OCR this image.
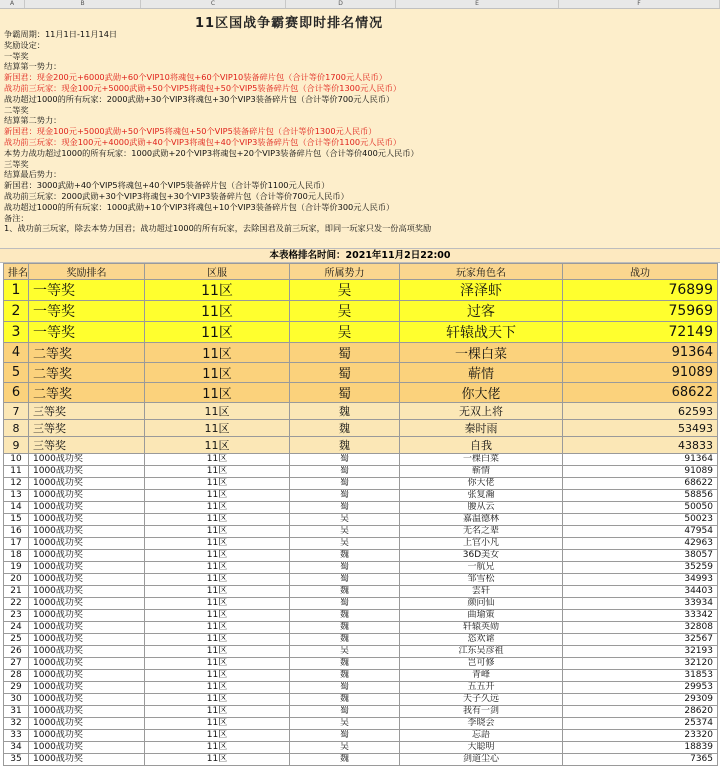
A	B	C	D	E	F
11区国战争霸赛即时排名情况
争霸周期：11月1日-11月14日
奖励设定：
一等奖
结算第一势力：
新国君：现金200元+6000武勋+60个VIP10将魂包+60个VIP10装备碎片包（合计等价1700元人民币）
战功前三玩家：现金100元+5000武勋+50个VIP5将魂包+50个VIP5装备碎片包（合计等价1300元人民币）
战功超过1000的所有玩家：2000武勋+30个VIP3将魂包+30个VIP3装备碎片包（合计等价700元人民币）
二等奖
结算第二势力：
新国君：现金100元+5000武勋+50个VIP5将魂包+50个VIP5装备碎片包（合计等价1300元人民币）
战功前三玩家：现金100元+4000武勋+40个VIP3将魂包+40个VIP3装备碎片包（合计等价1100元人民币）
本势力战功超过1000的所有玩家：1000武勋+20个VIP3将魂包+20个VIP3装备碎片包（合计等价400元人民币）
三等奖
结算最后势力：
新国君：3000武勋+40个VIP5将魂包+40个VIP5装备碎片包（合计等价1100元人民币）
战功前三玩家：2000武勋+30个VIP3将魂包+30个VIP3装备碎片包（合计等价700元人民币）
战功超过1000的所有玩家：1000武勋+10个VIP3将魂包+10个VIP3装备碎片包（合计等价300元人民币）
备注：
1、战功前三玩家，除去本势力国君；战功超过1000的所有玩家，去除国君及前三玩家，即同一玩家只发一份高项奖励
本表格排名时间：2021年11月2日22:00
排名	奖励排名	区服	所属势力	玩家角色名	战功
1	一等奖	11区	吴	泽泽虾	76899
2	一等奖	11区	吴	过客	75969
3	一等奖	11区	吴	轩辕战天下	72149
4	二等奖	11区	蜀	一棵白菜	91364
5	二等奖	11区	蜀	蕲情	91089
6	二等奖	11区	蜀	你大佬	68622
7	三等奖	11区	魏	无双上将	62593
8	三等奖	11区	魏	秦时雨	53493
9	三等奖	11区	魏	自我	43833
10	1000战功奖	11区	蜀	一棵白菜	91364
11	1000战功奖	11区	蜀	蕲情	91089
12	1000战功奖	11区	蜀	你大佬	68622
13	1000战功奖	11区	蜀	张复瀚	58856
14	1000战功奖	11区	蜀	腰从云	50050
15	1000战功奖	11区	吴	嘉温德林	50023
16	1000战功奖	11区	吴	无名之辈	47954
17	1000战功奖	11区	吴	上官小凡	42963
18	1000战功奖	11区	魏	36D美女	38057
19	1000战功奖	11区	蜀	一航兄	35259
20	1000战功奖	11区	蜀	邹雪松	34993
21	1000战功奖	11区	魏	雲轩	34403
22	1000战功奖	11区	蜀	颜问仙	33934
23	1000战功奖	11区	魏	曲瑜策	33342
24	1000战功奖	11区	魏	轩辕英勋	32808
25	1000战功奖	11区	魏	恣欢谑	32567
26	1000战功奖	11区	吴	江东吴彦祖	32193
27	1000战功奖	11区	魏	岂可修	32120
28	1000战功奖	11区	魏	青峰	31853
29	1000战功奖	11区	蜀	五五开	29953
30	1000战功奖	11区	魏	天子久远	29309
31	1000战功奖	11区	蜀	我有一剑	28620
32	1000战功奖	11区	吴	李晓会	25374
33	1000战功奖	11区	蜀	忘語	23320
34	1000战功奖	11区	吴	大聪明	18839
35	1000战功奖	11区	魏	剑道尘心	7365
